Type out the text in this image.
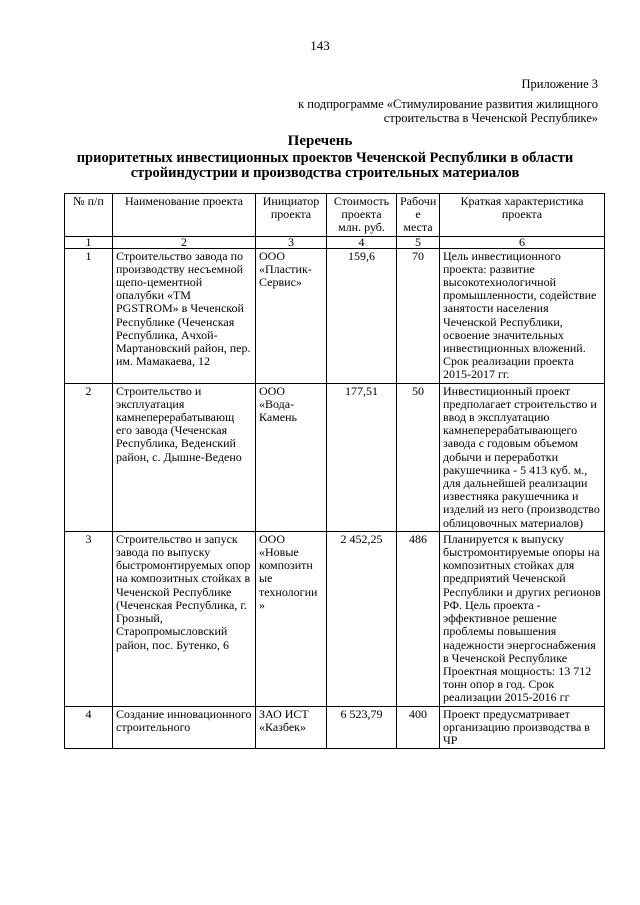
143
Приложение 3
к подпрограмме «Стимулирование развития жилищного строительства в Чеченской Республике»
Перечень
приоритетных инвестиционных проектов Чеченской Республики в области стройиндустрии и производства строительных материалов
№ п/п	Наименование проекта	Инициатор проекта	Стоимость проекта млн. руб.	Рабочи е места	Краткая характеристика проекта
1	2	3	4	5	6
1	Строительство завода по производству несъемной щепо-цементной опалубки «ТМ PGSTROM» в Чеченской Республике (Чеченская Республика, Ачхой-Мартановский район, пер. им. Мамакаева, 12	ООО «Пластик-Сервис»	159,6	70	Цель инвестиционного проекта: развитие высокотехнологичной промышленности, содействие занятости населения Чеченской Республики, освоение значительных инвестиционных вложений. Срок реализации проекта 2015-2017 гг.
2	Строительство и эксплуатация камнеперерабатывающ его завода (Чеченская Республика, Веденский район, с. Дышне-Ведено	ООО «Вода-Камень	177,51	50	Инвестиционный проект предполагает строительство и ввод в эксплуатацию камнеперерабатывающего завода с годовым объемом добычи и переработки ракушечника - 5 413 куб. м., для дальнейшей реализации известняка ракушечника и изделий из него (производство облицовочных материалов)
3	Строительство и запуск завода по выпуску быстромонтируемых опор на композитных стойках в Чеченской Республике (Чеченская Республика, г. Грозный, Старопромысловский район, пос. Бутенко, 6	ООО «Новые композитн ые технологии »	2 452,25	486	Планируется к выпуску быстромонтируемые опоры на композитных стойках для предприятий Чеченской Республики и других регионов РФ. Цель проекта - эффективное решение проблемы повышения надежности энергоснабжения в Чеченской Республике Проектная мощность: 13 712 тонн опор в год. Срок реализации 2015-2016 гг
4	Создание инновационного строительного	ЗАО ИСТ «Казбек»	6 523,79	400	Проект предусматривает организацию производства в ЧР
